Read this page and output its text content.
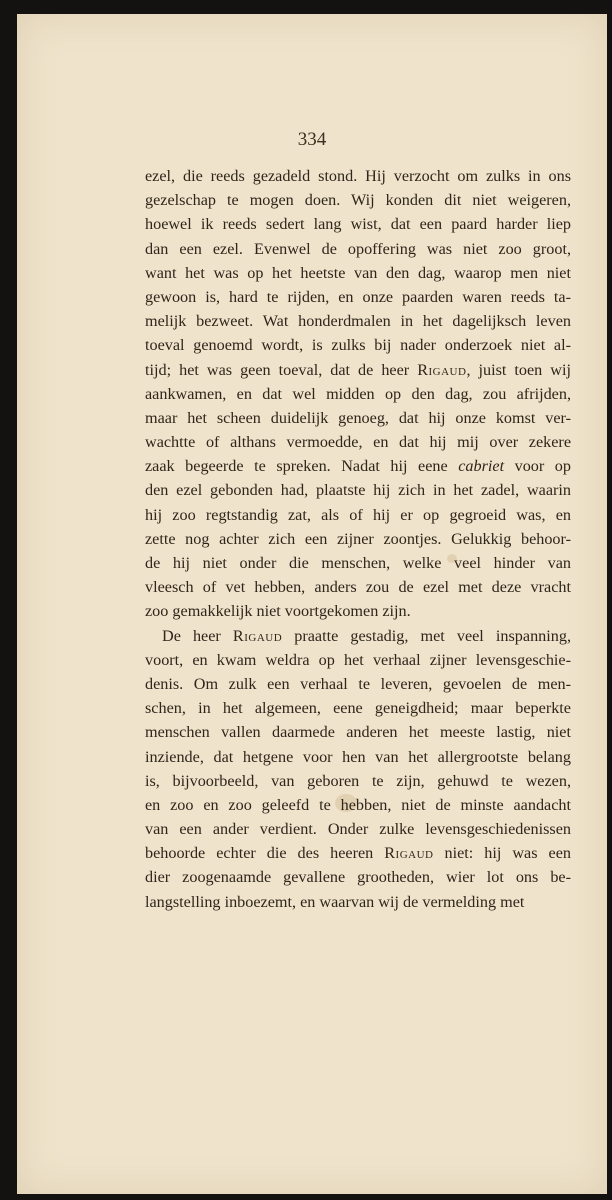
334
ezel, die reeds gezadeld stond. Hij verzocht om zulks in ons
gezelschap te mogen doen. Wij konden dit niet weigeren,
hoewel ik reeds sedert lang wist, dat een paard harder liep
dan een ezel. Evenwel de opoffering was niet zoo groot,
want het was op het heetste van den dag, waarop men niet
gewoon is, hard te rijden, en onze paarden waren reeds ta-
melijk bezweet. Wat honderdmalen in het dagelijksch leven
toeval genoemd wordt, is zulks bij nader onderzoek niet al-
tijd; het was geen toeval, dat de heer Rigaud, juist toen wij
aankwamen, en dat wel midden op den dag, zou afrijden,
maar het scheen duidelijk genoeg, dat hij onze komst ver-
wachtte of althans vermoedde, en dat hij mij over zekere
zaak begeerde te spreken. Nadat hij eene cabriet voor op
den ezel gebonden had, plaatste hij zich in het zadel, waarin
hij zoo regtstandig zat, als of hij er op gegroeid was, en
zette nog achter zich een zijner zoontjes. Gelukkig behoor-
de hij niet onder die menschen, welke veel hinder van
vleesch of vet hebben, anders zou de ezel met deze vracht
zoo gemakkelijk niet voortgekomen zijn.
De heer Rigaud praatte gestadig, met veel inspanning,
voort, en kwam weldra op het verhaal zijner levensgeschie-
denis. Om zulk een verhaal te leveren, gevoelen de men-
schen, in het algemeen, eene geneigdheid; maar beperkte
menschen vallen daarmede anderen het meeste lastig, niet
inziende, dat hetgene voor hen van het allergrootste belang
is, bijvoorbeeld, van geboren te zijn, gehuwd te wezen,
en zoo en zoo geleefd te hebben, niet de minste aandacht
van een ander verdient. Onder zulke levensgeschiedenissen
behoorde echter die des heeren Rigaud niet: hij was een
dier zoogenaamde gevallene grootheden, wier lot ons be-
langstelling inboezemt, en waarvan wij de vermelding met
